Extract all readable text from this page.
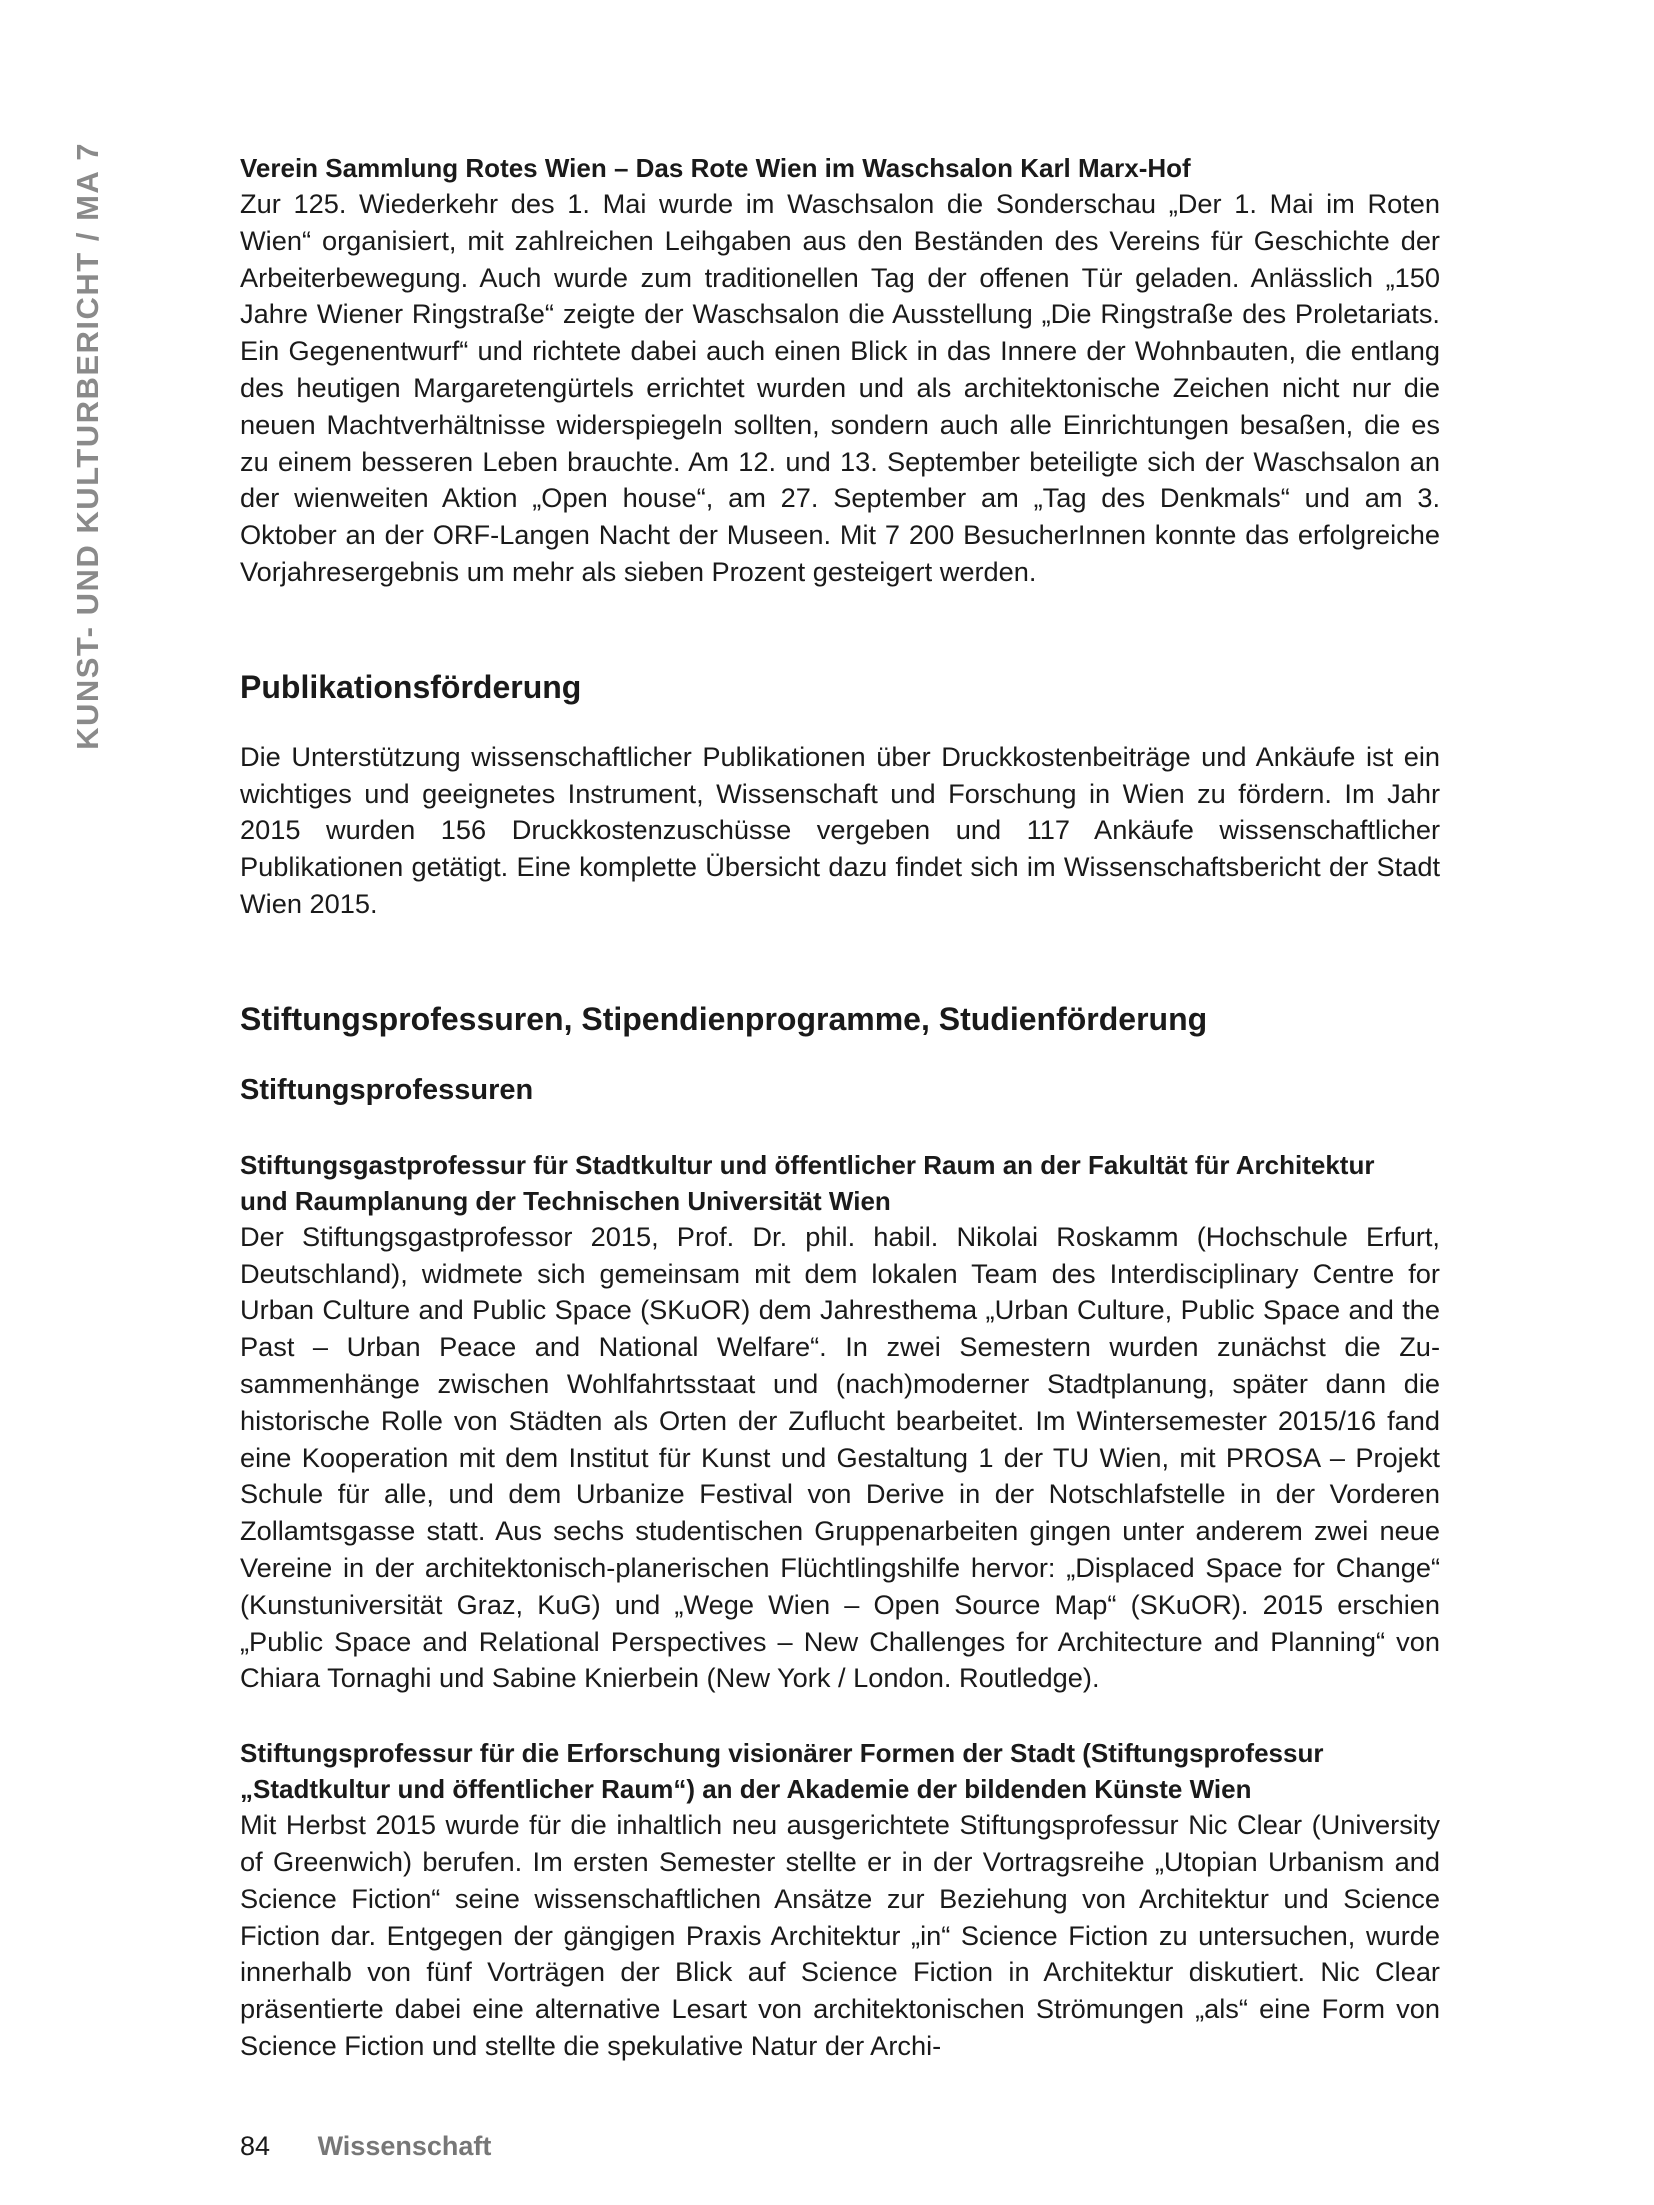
KUNST- UND KULTURBERICHT / MA 7	Verein Sammlung Rotes Wien – Das Rote Wien im Waschsalon Karl Marx-Hof

Zur 125. Wiederkehr des 1. Mai wurde im Waschsalon die Sonderschau „Der 1. Mai im Roten Wien“ organisiert, mit zahlreichen Leihgaben aus den Beständen des Vereins für Geschichte der Arbeiterbewegung. Auch wurde zum traditionellen Tag der offenen Tür geladen. Anlässlich „150 Jahre Wiener Ringstraße“ zeigte der Waschsalon die Ausstellung „Die Ringstraße des Proletariats. Ein Gegenentwurf“ und richtete dabei auch einen Blick in das Innere der Wohnbauten, die entlang des heutigen Margaretengürtels errichtet wurden und als architektonische Zeichen nicht nur die neuen Machtverhältnisse widerspiegeln sollten, sondern auch alle Einrichtungen besaßen, die es zu einem besseren Leben brauchte. Am 12. und 13. September beteiligte sich der Waschsalon an der wienweiten Aktion „Open house“, am 27. September am „Tag des Denkmals“ und am 3. Oktober an der ORF-Langen Nacht der Museen. Mit 7 200 BesucherInnen konnte das erfolgreiche Vorjahresergebnis um mehr als sieben Prozent gesteigert werden.

Publikationsförderung

Die Unterstützung wissenschaftlicher Publikationen über Druckkostenbeiträge und Ankäufe ist ein wichtiges und geeignetes Instrument, Wissenschaft und Forschung in Wien zu fördern. Im Jahr 2015 wurden 156 Druckkostenzuschüsse vergeben und 117 Ankäufe wissenschaftlicher Publikationen getätigt. Eine komplette Übersicht dazu findet sich im Wissenschaftsbericht der Stadt Wien 2015.

Stiftungsprofessuren, Stipendienprogramme, Studienförderung
Stiftungsprofessuren
Stiftungsgastprofessur für Stadtkultur und öffentlicher Raum an der Fakultät für Architektur
und Raumplanung der Technischen Universität Wien

Der Stiftungsgastprofessor 2015, Prof. Dr. phil. habil. Nikolai Roskamm (Hochschule Erfurt, Deutschland), widmete sich gemeinsam mit dem lokalen Team des Interdisciplinary Centre for Urban Culture and Public Space (SKuOR) dem Jahresthema „Urban Culture, Public Space and the Past – Urban Peace and National Welfare“. In zwei Semestern wurden zunächst die Zusammenhänge zwischen Wohlfahrtsstaat und (nach)moderner Stadtplanung, später dann die historische Rolle von Städten als Orten der Zuflucht bearbeitet. Im Wintersemester 2015/16 fand eine Kooperation mit dem Institut für Kunst und Gestaltung 1 der TU Wien, mit PROSA – Projekt Schule für alle, und dem Urbanize Festival von Derive in der Notschlafstelle in der Vorderen Zollamtsgasse statt. Aus sechs studentischen Gruppenarbeiten gingen unter anderem zwei neue Vereine in der architektonisch-planerischen Flüchtlingshilfe hervor: „Displaced Space for Change“ (Kunstuniversität Graz, KuG) und „Wege Wien – Open Source Map“ (SKuOR). 2015 erschien „Public Space and Relational Perspectives – New Challenges for Architecture and Planning“ von Chiara Tornaghi und Sabine Knierbein (New York / London. Routledge).

Stiftungsprofessur für die Erforschung visionärer Formen der Stadt (Stiftungsprofessur
„Stadtkultur und öffentlicher Raum“) an der Akademie der bildenden Künste Wien

Mit Herbst 2015 wurde für die inhaltlich neu ausgerichtete Stiftungsprofessur Nic Clear (University of Greenwich) berufen. Im ersten Semester stellte er in der Vortragsreihe „Utopian Urbanism and Science Fiction“ seine wissenschaftlichen Ansätze zur Beziehung von Architektur und Science Fiction dar. Entgegen der gängigen Praxis Architektur „in“ Science Fiction zu untersuchen, wurde innerhalb von fünf Vorträgen der Blick auf Science Fiction in Architektur diskutiert. Nic Clear präsentierte dabei eine alternative Lesart von architektonischen Strömungen „als“ eine Form von Science Fiction und stellte die spekulative Natur der Archi-

84 Wissenschaft
